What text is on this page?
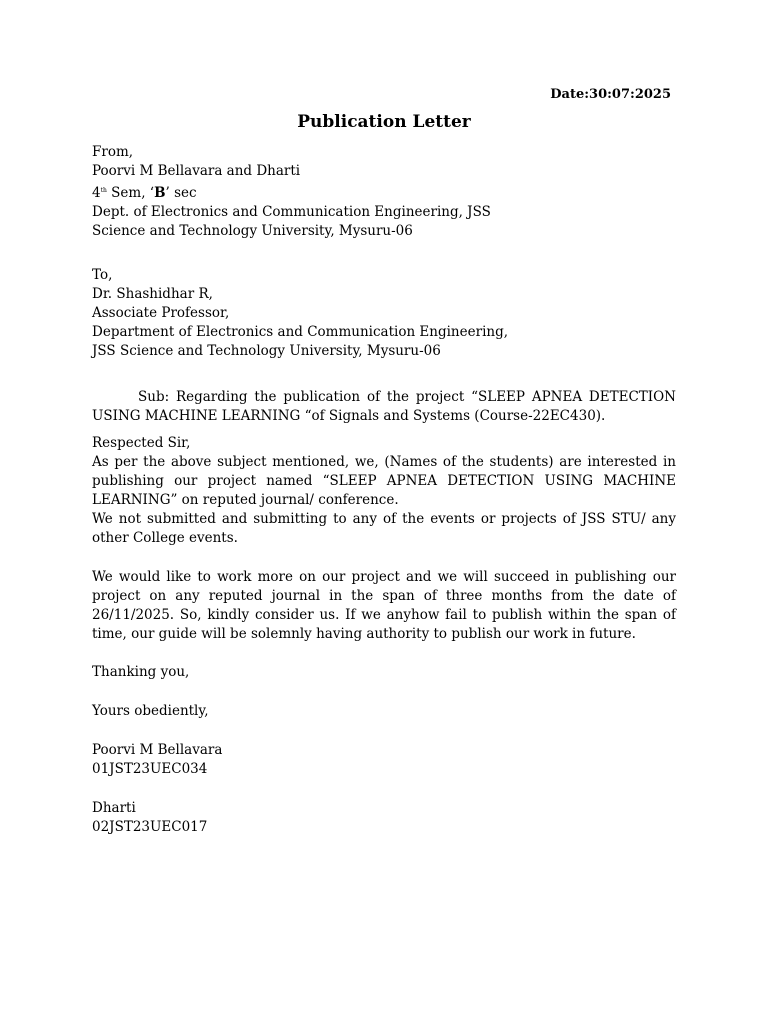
Date:30:07:2025
Publication Letter
From,
Poorvi M Bellavara and Dharti
4th Sem, ‘B’ sec
Dept. of Electronics and Communication Engineering, JSS
Science and Technology University, Mysuru-06
To,
Dr. Shashidhar R,
Associate Professor,
Department of Electronics and Communication Engineering,
JSS Science and Technology University, Mysuru-06
Sub: Regarding the publication of the project “SLEEP APNEA DETECTION USING MACHINE LEARNING “of Signals and Systems (Course-22EC430).
Respected Sir,
As per the above subject mentioned, we, (Names of the students) are interested in publishing our project named “SLEEP APNEA DETECTION USING MACHINE LEARNING” on reputed journal/ conference.
We not submitted and submitting to any of the events or projects of JSS STU/ any other College events.
We would like to work more on our project and we will succeed in publishing our project on any reputed journal in the span of three months from the date of 26/11/2025. So, kindly consider us. If we anyhow fail to publish within the span of time, our guide will be solemnly having authority to publish our work in future.
Thanking you,
Yours obediently,
Poorvi M Bellavara
01JST23UEC034
Dharti
02JST23UEC017
